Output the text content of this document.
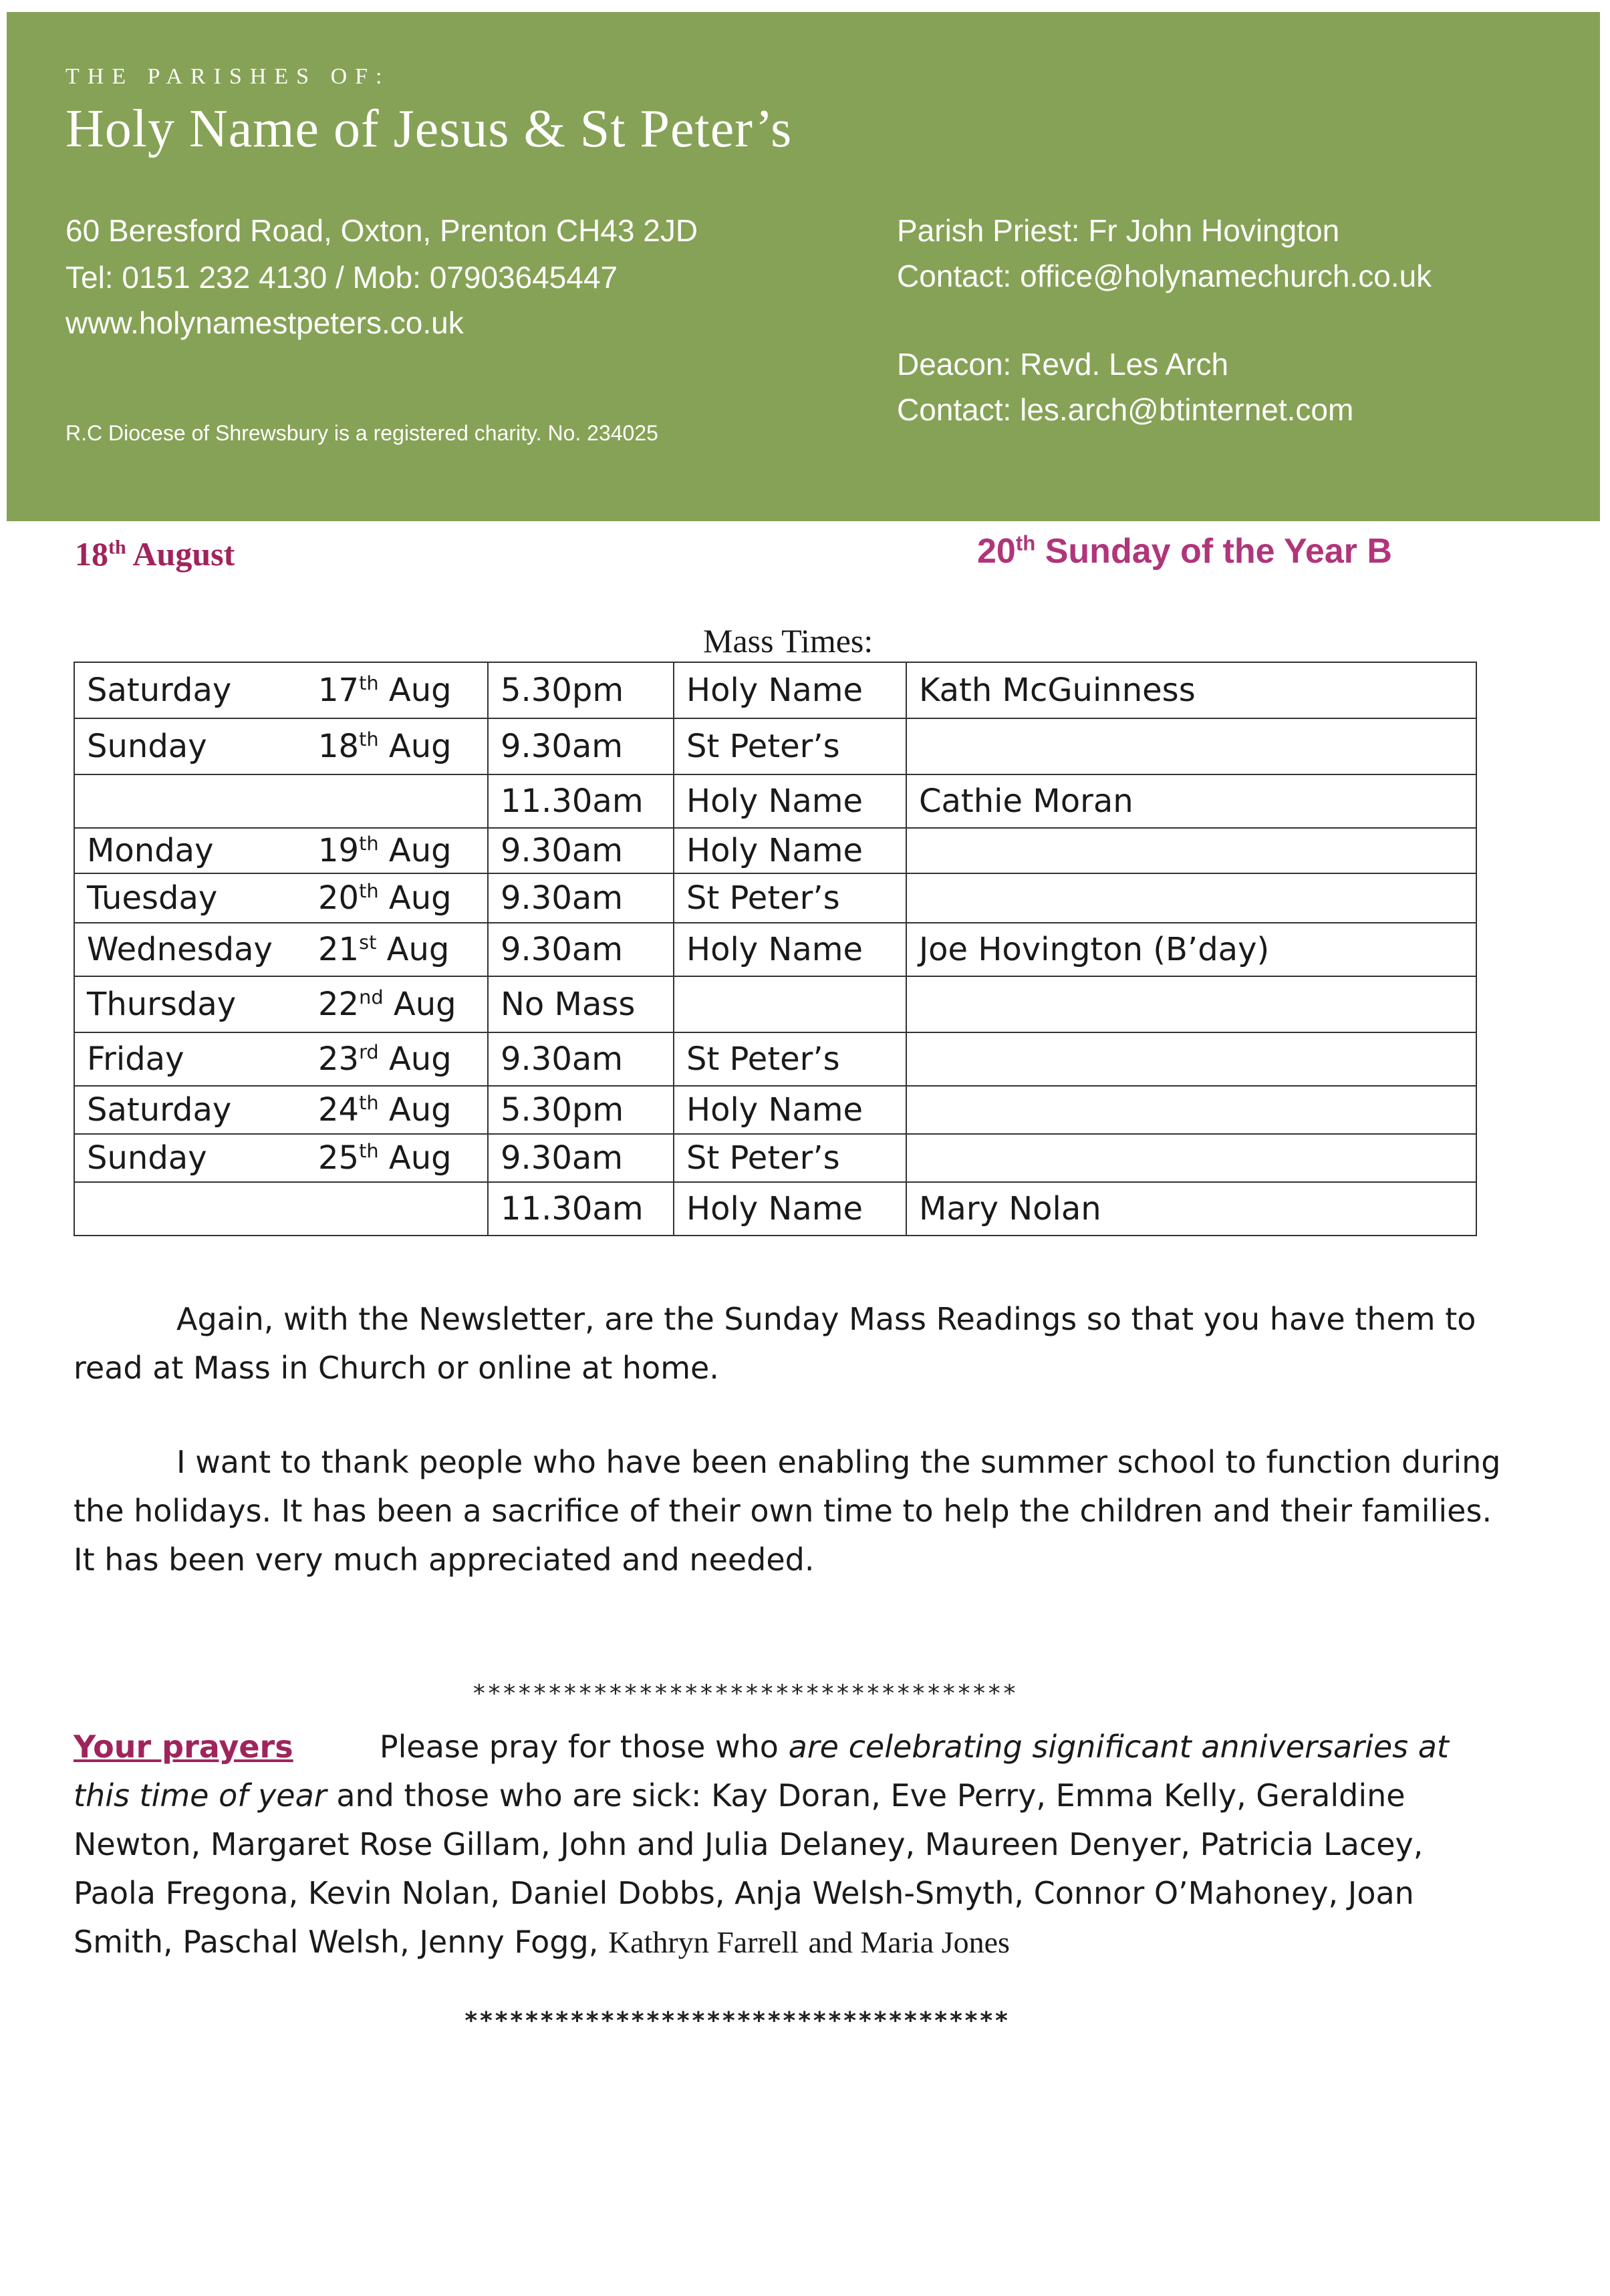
THE PARISHES OF:
Holy Name of Jesus & St Peter’s
60 Beresford Road, Oxton, Prenton CH43 2JD
Tel: 0151 232 4130 / Mob: 07903645447
www.holynamestpeters.co.uk
R.C Diocese of Shrewsbury is a registered charity. No. 234025
Parish Priest: Fr John Hovington
Contact: office@holynamechurch.co.uk
Deacon: Revd. Les Arch
Contact: les.arch@btinternet.com
18th August	20th Sunday of the Year B
Mass Times:
Saturday	17th Aug	5.30pm	Holy Name	Kath McGuinness
Sunday	18th Aug	9.30am	St Peter’s	
		11.30am	Holy Name	Cathie Moran
Monday	19th Aug	9.30am	Holy Name	
Tuesday	20th Aug	9.30am	St Peter’s	
Wednesday	21st Aug	9.30am	Holy Name	Joe Hovington (B’day)
Thursday	22nd Aug	No Mass		
Friday	23rd Aug	9.30am	St Peter’s	
Saturday	24th Aug	5.30pm	Holy Name	
Sunday	25th Aug	9.30am	St Peter’s	
		11.30am	Holy Name	Mary Nolan
Again, with the Newsletter, are the Sunday Mass Readings so that you have them to read at Mass in Church or online at home.
I want to thank people who have been enabling the summer school to function during the holidays. It has been a sacrifice of their own time to help the children and their families. It has been very much appreciated and needed.
************************************
Your prayers	Please pray for those who are celebrating significant anniversaries at this time of year and those who are sick: Kay Doran, Eve Perry, Emma Kelly, Geraldine Newton, Margaret Rose Gillam, John and Julia Delaney, Maureen Denyer, Patricia Lacey, Paola Fregona, Kevin Nolan, Daniel Dobbs, Anja Welsh-Smyth, Connor O’Mahoney, Joan Smith, Paschal Welsh, Jenny Fogg, Kathryn Farrell and Maria Jones
************************************
